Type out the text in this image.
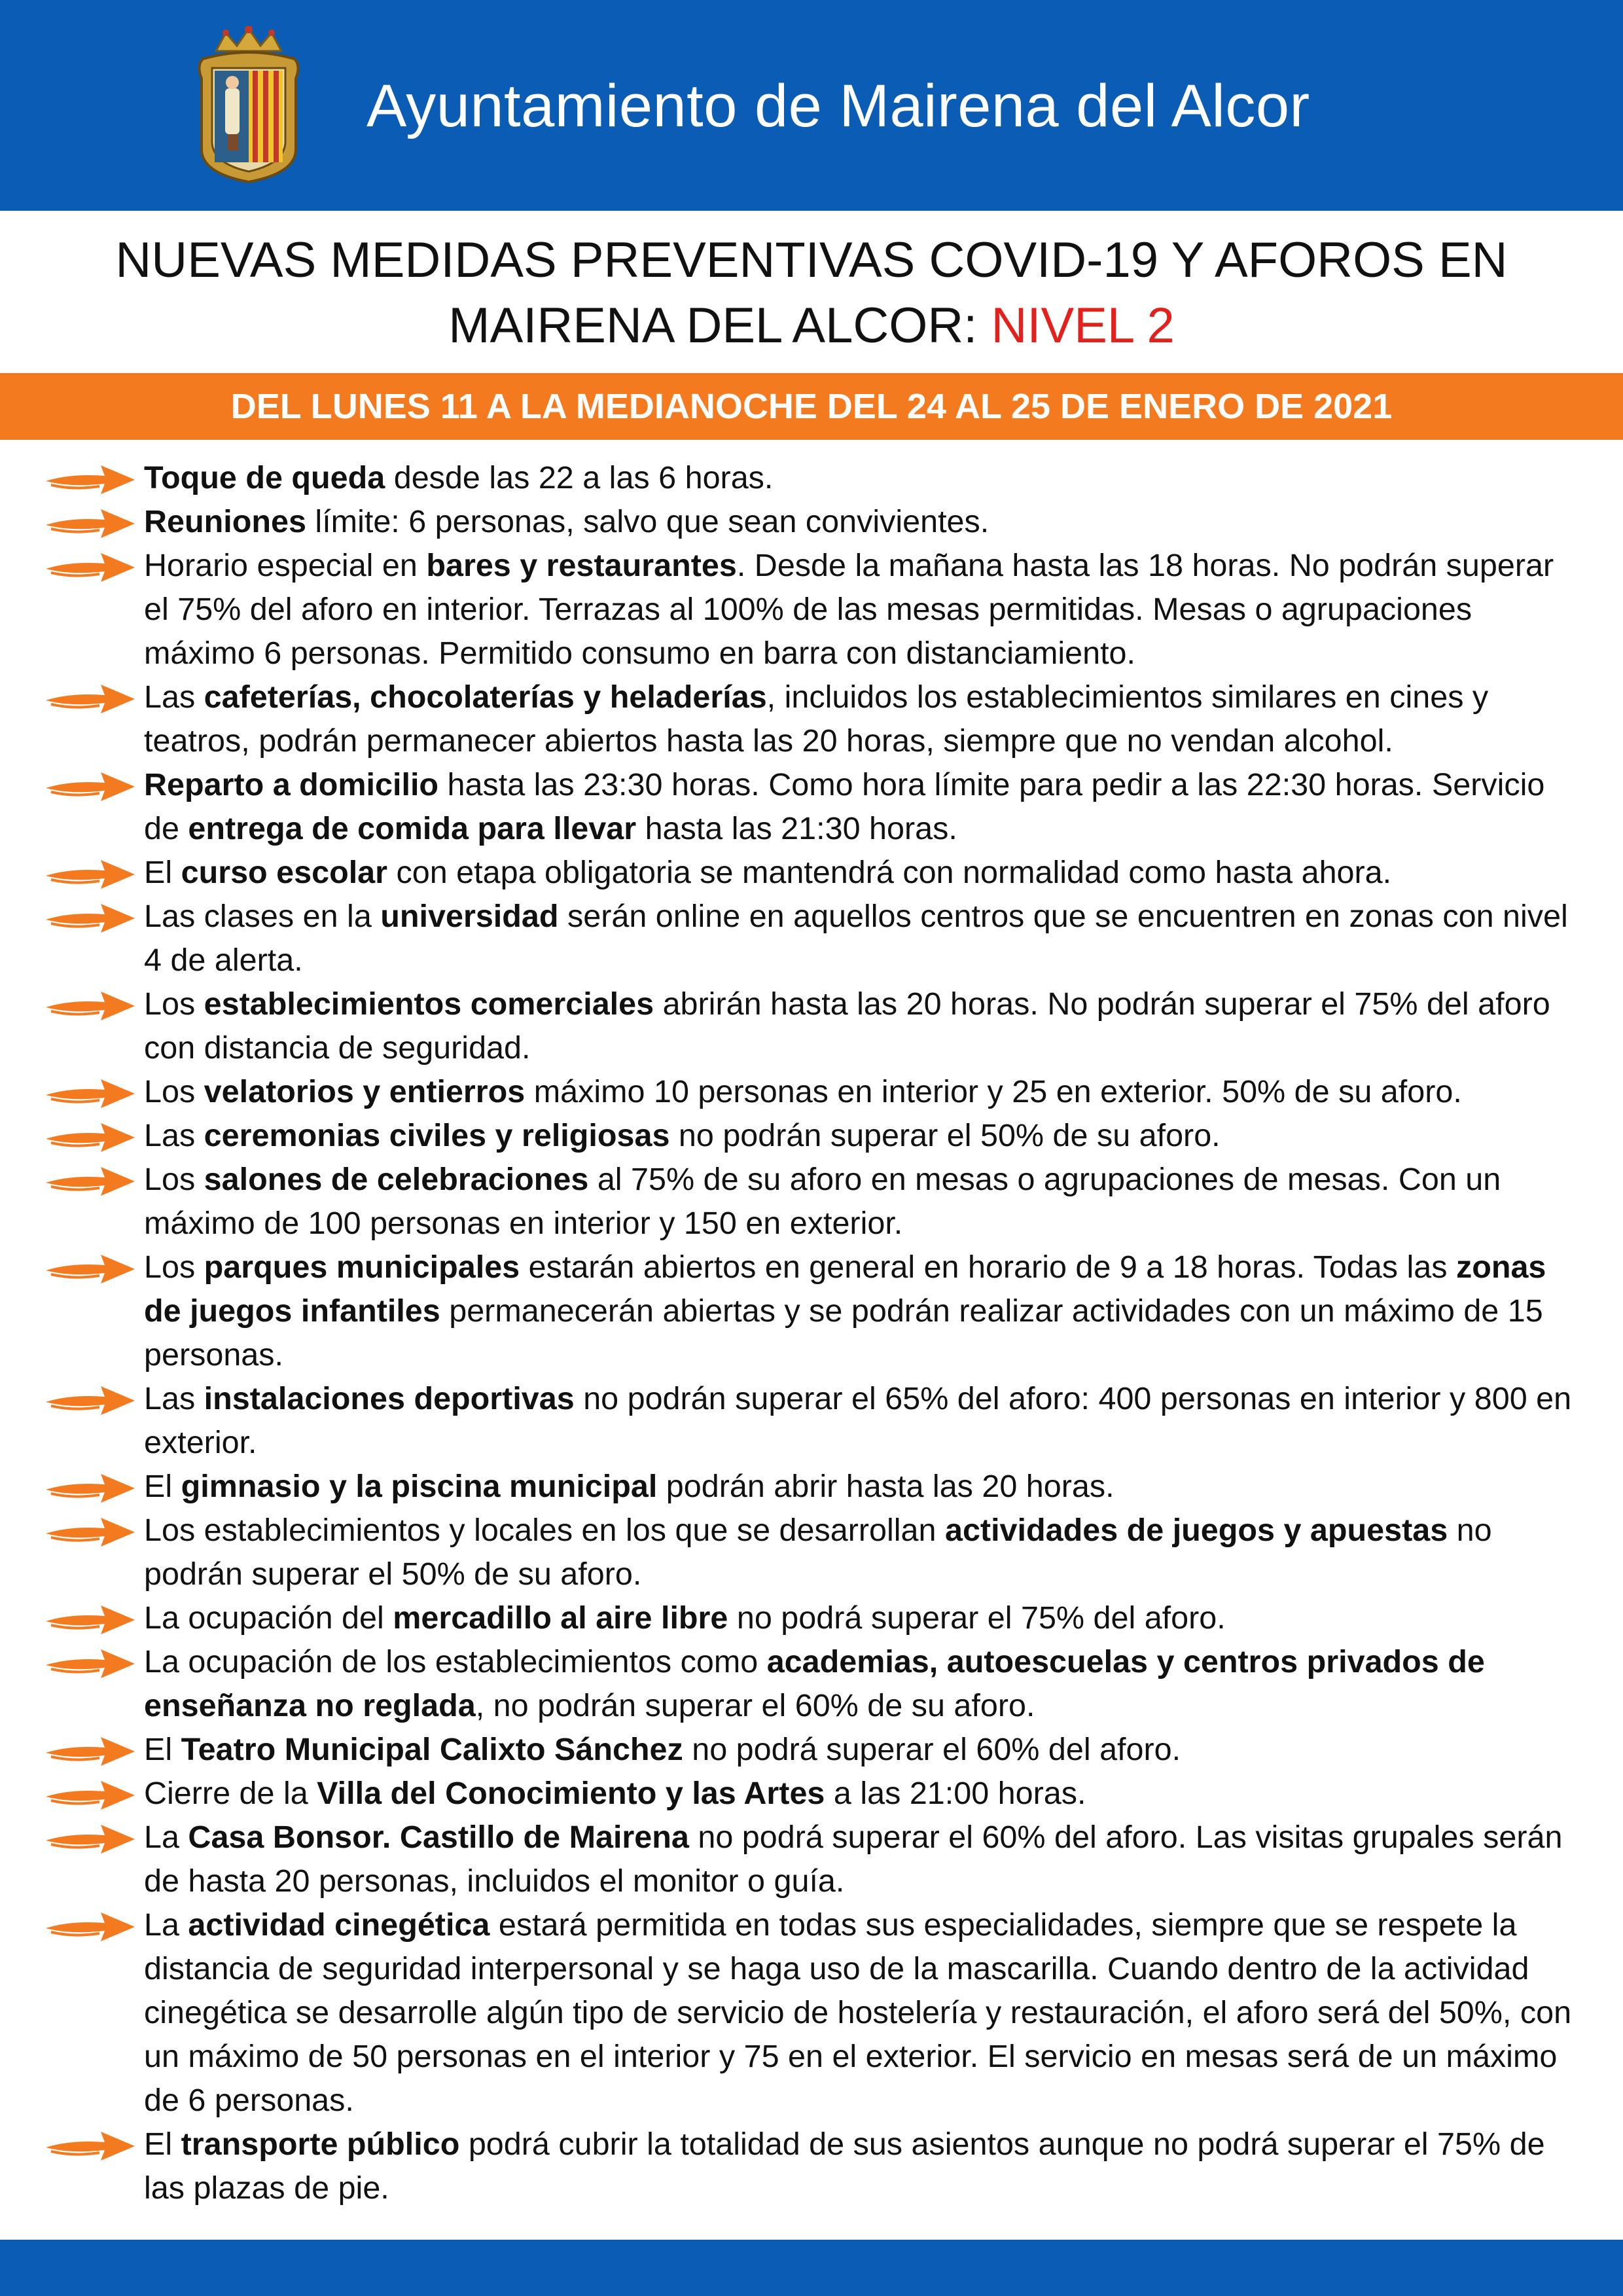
Ayuntamiento de Mairena del Alcor
NUEVAS MEDIDAS PREVENTIVAS COVID-19 Y AFOROS EN
MAIRENA DEL ALCOR: NIVEL 2
DEL LUNES 11 A LA MEDIANOCHE DEL 24 AL 25 DE ENERO DE 2021
Toque de queda desde las 22 a las 6 horas.
Reuniones límite: 6 personas, salvo que sean convivientes.
Horario especial en bares y restaurantes. Desde la mañana hasta las 18 horas. No podrán superar el 75% del aforo en interior. Terrazas al 100% de las mesas permitidas. Mesas o agrupaciones máximo 6 personas. Permitido consumo en barra con distanciamiento.
Las cafeterías, chocolaterías y heladerías, incluidos los establecimientos similares en cines y teatros, podrán permanecer abiertos hasta las 20 horas, siempre que no vendan alcohol.
Reparto a domicilio hasta las 23:30 horas. Como hora límite para pedir a las 22:30 horas. Servicio de entrega de comida para llevar hasta las 21:30 horas.
El curso escolar con etapa obligatoria se mantendrá con normalidad como hasta ahora.
Las clases en la universidad serán online en aquellos centros que se encuentren en zonas con nivel 4 de alerta.
Los establecimientos comerciales abrirán hasta las 20 horas. No podrán superar el 75% del aforo con distancia de seguridad.
Los velatorios y entierros máximo 10 personas en interior y 25 en exterior. 50% de su aforo.
Las ceremonias civiles y religiosas no podrán superar el 50% de su aforo.
Los salones de celebraciones al 75% de su aforo en mesas o agrupaciones de mesas. Con un máximo de 100 personas en interior y 150 en exterior.
Los parques municipales estarán abiertos en general en horario de 9 a 18 horas. Todas las zonas de juegos infantiles permanecerán abiertas y se podrán realizar actividades con un máximo de 15 personas.
Las instalaciones deportivas no podrán superar el 65% del aforo: 400 personas en interior y 800 en exterior.
El gimnasio y la piscina municipal podrán abrir hasta las 20 horas.
Los establecimientos y locales en los que se desarrollan actividades de juegos y apuestas no podrán superar el 50% de su aforo.
La ocupación del mercadillo al aire libre no podrá superar el 75% del aforo.
La ocupación de los establecimientos como academias, autoescuelas y centros privados de enseñanza no reglada, no podrán superar el 60% de su aforo.
El Teatro Municipal Calixto Sánchez no podrá superar el 60% del aforo.
Cierre de la Villa del Conocimiento y las Artes a las 21:00 horas.
La Casa Bonsor. Castillo de Mairena no podrá superar el 60% del aforo. Las visitas grupales serán de hasta 20 personas, incluidos el monitor o guía.
La actividad cinegética estará permitida en todas sus especialidades, siempre que se respete la distancia de seguridad interpersonal y se haga uso de la mascarilla. Cuando dentro de la actividad cinegética se desarrolle algún tipo de servicio de hostelería y restauración, el aforo será del 50%, con un máximo de 50 personas en el interior y 75 en el exterior. El servicio en mesas será de un máximo de 6 personas.
El transporte público podrá cubrir la totalidad de sus asientos aunque no podrá superar el 75% de las plazas de pie.
